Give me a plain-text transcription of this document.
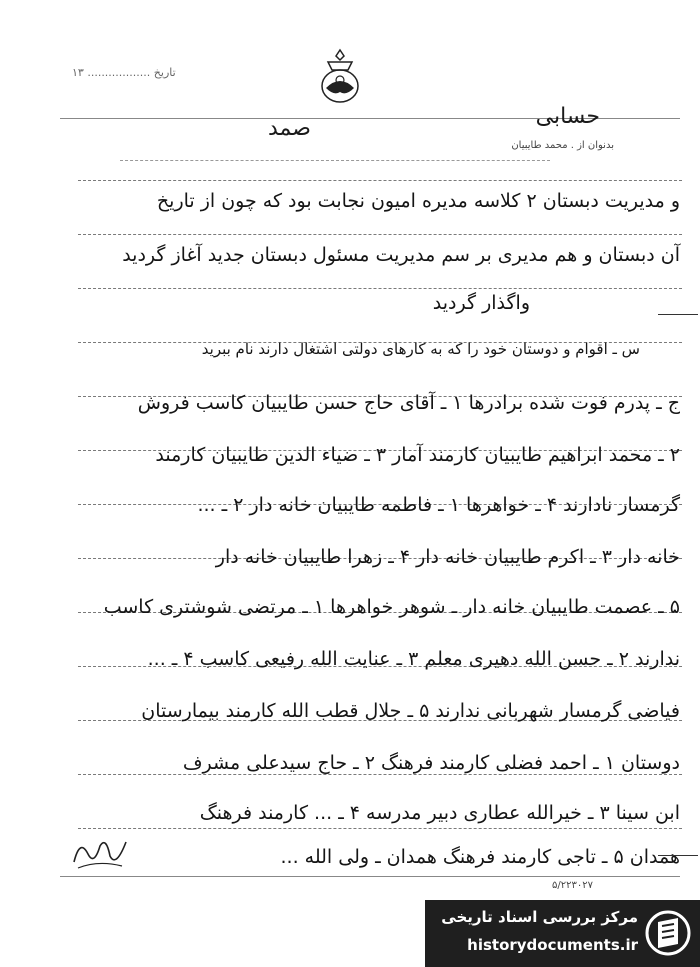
تاریخ .................. ۱۳
حسابی
صمد
بدنوان از . محمد طایبیان
و مدیریت دبستان ۲ کلاسه مدیره امیون نجابت بود که چون از تاریخ
آن دبستان و هم مدیری بر سم مدیریت مسئول دبستان جدید آغاز گردید
واگذار گردید
س ـ اقوام و دوستان خود را که به کارهای دولتی اشتغال دارند نام ببرید
ج ـ پدرم فوت شده برادرها ۱ ـ آقای حاج حسن طایبیان کاسب فروش
۲ ـ محمد ابراهیم طایبیان کارمند آمار ۳ ـ ضیاء الدین طایبیان کارمند
گرمسار نادارند ۴ ـ خواهرها ۱ ـ فاطمه طایبیان خانه دار ۲ ـ ...
خانه دار ۳ ـ اکرم طایبیان خانه دار ۴ ـ زهرا طایبیان خانه دار
۵ ـ عصمت طایبیان خانه دار ـ شوهر خواهرها ۱ ـ مرتضی شوشتری کاسب
ندارند ۲ ـ حسن الله دهیری معلم ۳ ـ عنایت الله رفیعی کاسب ۴ ـ ...
فیاضی گرمسار شهربانی ندارند ۵ ـ جلال قطب الله کارمند بیمارستان
دوستان ۱ ـ احمد فضلی کارمند فرهنگ ۲ ـ حاج سیدعلی مشرف
ابن سینا ۳ ـ خیرالله عطاری دبیر مدرسه ۴ ـ ... کارمند فرهنگ
همدان ۵ ـ تاجی کارمند فرهنگ همدان ـ ولی الله ...
۵/۲۲۳۰۲۷
مرکز بررسی اسناد تاریخی
historydocuments.ir
